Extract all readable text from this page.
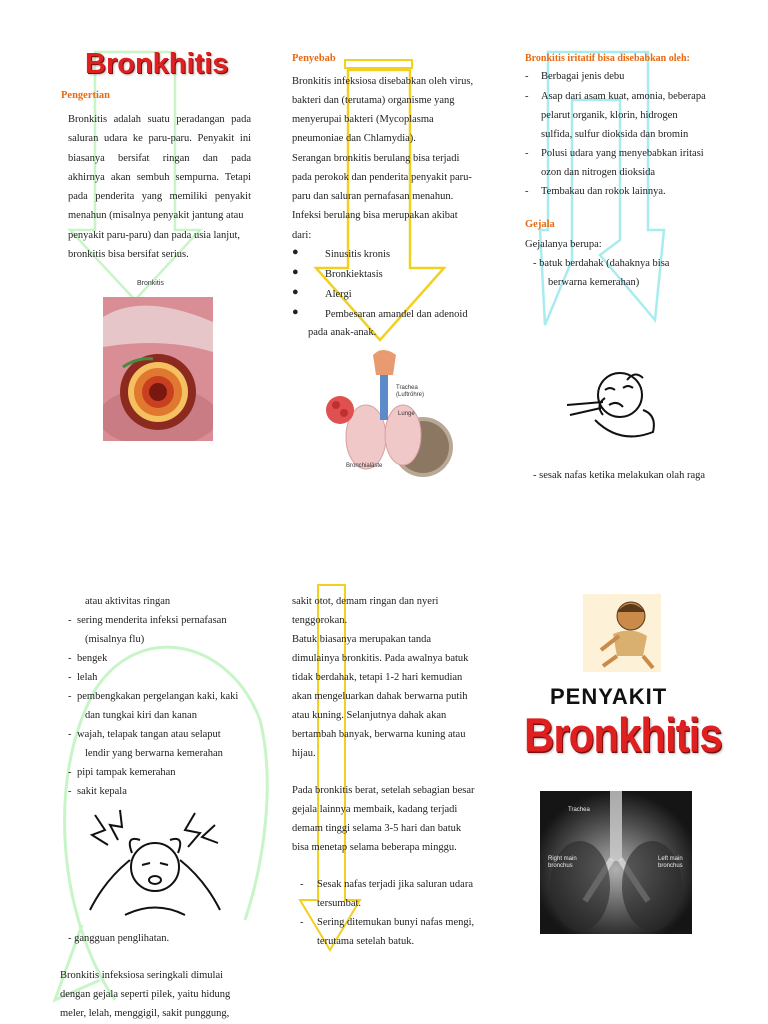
Bronkhitis
Pengertian
Bronkitis adalah suatu peradangan pada
saluran udara ke paru-paru. Penyakit ini
biasanya bersifat ringan dan pada
akhirnya akan sembuh sempurna. Tetapi
pada penderita yang memiliki penyakit
menahun (misalnya penyakit jantung atau
penyakit paru-paru) dan pada usia lanjut,
bronkitis bisa bersifat serius.
Bronkitis
Penyebab
Bronkitis infeksiosa disebabkan oleh virus,
bakteri dan (terutama) organisme yang
menyerupai bakteri (Mycoplasma
pneumoniae dan Chlamydia).
Serangan bronkitis berulang bisa terjadi
pada perokok dan penderita penyakit paru-
paru dan saluran pernafasan menahun.
Infeksi berulang bisa merupakan akibat
dari:
●	Sinusitis kronis
●	Bronkiektasis
●	Alergi
●	Pembesaran amandel dan adenoid
pada anak-anak.
Trachea
(Luftröhre)
Lunge
Bronchialäste
Bronkitis iritatif bisa disebabkan oleh:
- Berbagai jenis debu
- Asap dari asam kuat, amonia, beberapa
pelarut organik, klorin, hidrogen
sulfida, sulfur dioksida dan bromin
- Polusi udara yang menyebabkan iritasi
ozon dan nitrogen dioksida
- Tembakau dan rokok lainnya.
Gejala
Gejalanya berupa:
- batuk berdahak (dahaknya bisa
berwarna kemerahan)
- sesak nafas ketika melakukan olah raga
atau aktivitas ringan
- sering menderita infeksi pernafasan
(misalnya flu)
- bengek
- lelah
- pembengkakan pergelangan kaki, kaki
dan tungkai kiri dan kanan
- wajah, telapak tangan atau selaput
lendir yang berwarna kemerahan
- pipi tampak kemerahan
- sakit kepala
- gangguan penglihatan.
Bronkitis infeksiosa seringkali dimulai
dengan gejala seperti pilek, yaitu hidung
meler, lelah, menggigil, sakit punggung,
sakit otot, demam ringan dan nyeri
tenggorokan.
Batuk biasanya merupakan tanda
dimulainya bronkitis. Pada awalnya batuk
tidak berdahak, tetapi 1-2 hari kemudian
akan mengeluarkan dahak berwarna putih
atau kuning. Selanjutnya dahak akan
bertambah banyak, berwarna kuning atau
hijau.
Pada bronkitis berat, setelah sebagian besar
gejala lainnya membaik, kadang terjadi
demam tinggi selama 3-5 hari dan batuk
bisa menetap selama beberapa minggu.
- Sesak nafas terjadi jika saluran udara
tersumbat.
- Sering ditemukan bunyi nafas mengi,
terutama setelah batuk.
PENYAKIT
Bronkhitis
Trachea
Right main
bronchus
Left main
bronchus
